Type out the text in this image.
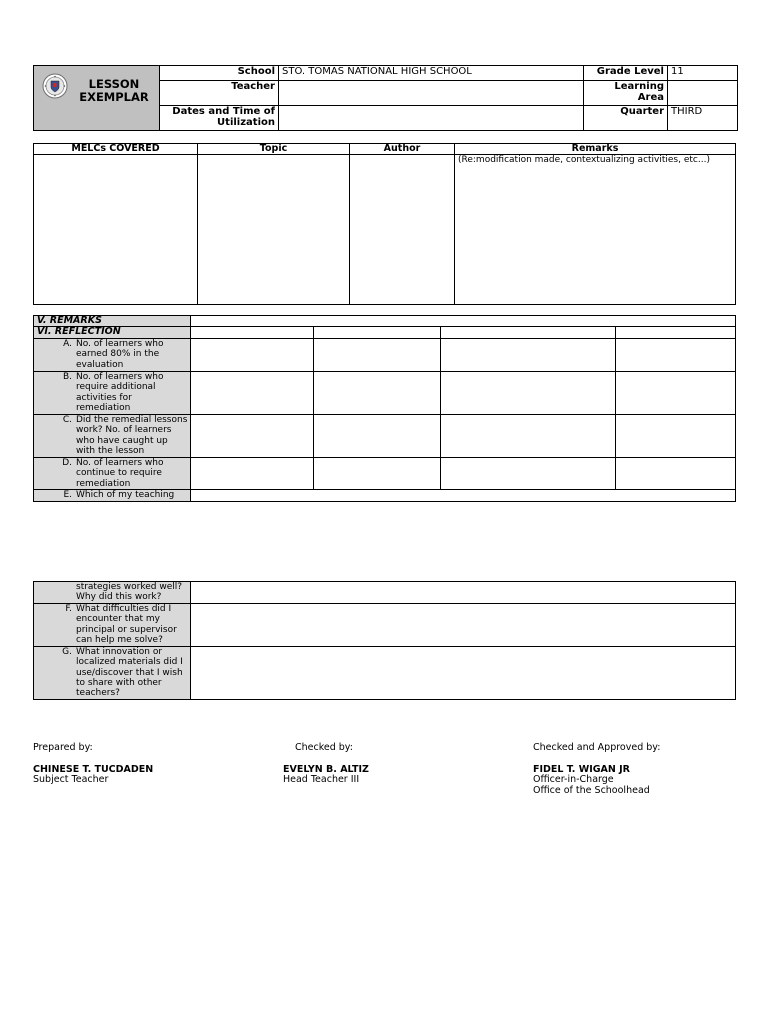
LESSON
EXEMPLAR	School	STO. TOMAS NATIONAL HIGH SCHOOL	Grade Level	11
	Teacher		Learning Area	
	Dates and Time of Utilization		Quarter	THIRD
MELCs COVERED	Topic	Author	Remarks
			(Re:modification made, contextualizing activities, etc...)
V. REMARKS				
VI. REFLECTION				

A. No. of learners who earned 80% in the evaluation				

B. No. of learners who require additional activities for remediation				

C. Did the remedial lessons work? No. of learners who have caught up with the lesson				

D. No. of learners who continue to require remediation				

E. Which of my teaching				

strategies worked well? Why did this work?	

F. What difficulties did I encounter that my principal or supervisor can help me solve?	

G. What innovation or localized materials did I use/discover that I wish to share with other teachers?	

Prepared by:
CHINESE T. TUCDADEN
Subject Teacher
Checked by:
EVELYN B. ALTIZ
Head Teacher III
Checked and Approved by:
FIDEL T. WIGAN JR
Officer-in-Charge
Office of the Schoolhead
